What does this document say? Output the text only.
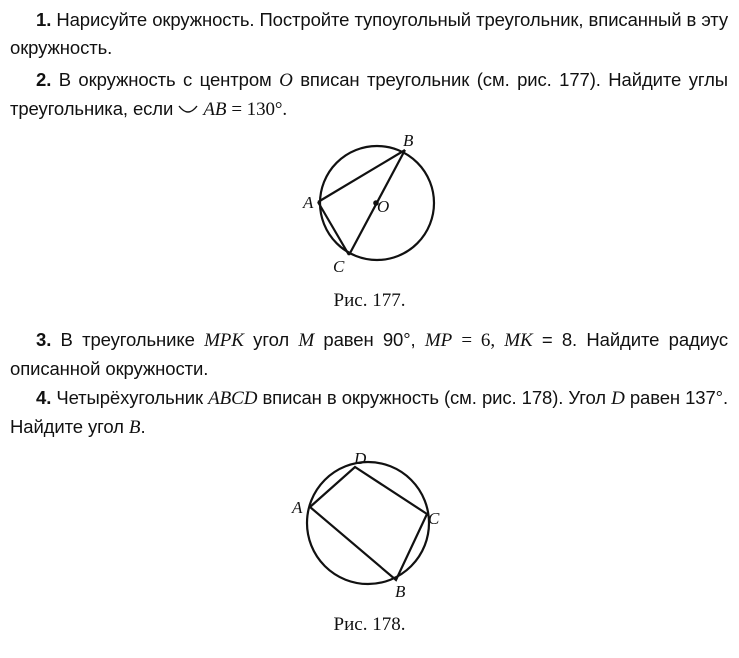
1. Нарисуйте окружность. Постройте тупоугольный треугольник, вписанный в эту окружность.

2. В окружность с центром O вписан треугольник (см. рис. 177). Найдите углы треугольника, если AB = 130°.

A
B
C
O
Рис. 177.

3. В треугольнике MPK угол M равен 90°, MP = 6, MK = 8. Найдите радиус описанной окружности.

4. Четырёхугольник ABCD вписан в окружность (см. рис. 178). Угол D равен 137°. Найдите угол B.

A
D
C
B
Рис. 178.
